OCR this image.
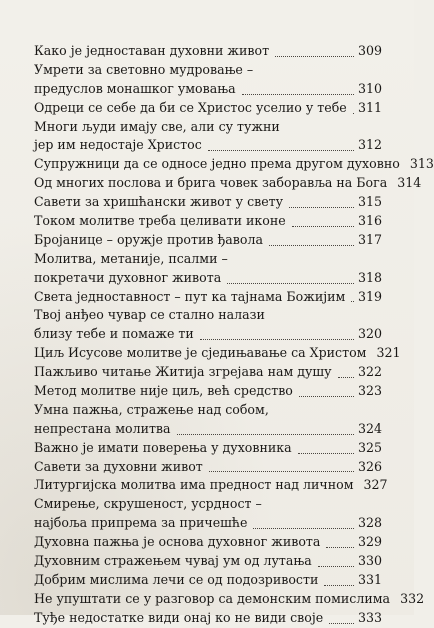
Како је једноставан духовни живот	309
Умрети за световно мудровање –
предуслов монашког умовања	310
Одреци се себе да би се Христос уселио у тебе 311
Многи људи имају све, али су тужни
јер им недостаје Христос	312
Супружници да се односе једно према другом духовно 313
Од многих послова и брига човек заборавља на Бога 314
Савети за хришћански живот у свету	315
Током молитве треба целивати иконе	316
Бројанице – оружје против ђавола	317
Молитва, метаније, псалми –
покретачи духовног живота	318
Света једноставност – пут ка тајнама Божијим 319
Твој анђео чувар се стално налази
близу тебе и помаже ти	320
Циљ Исусове молитве је сједињавање са Христом 321
Пажљиво читање Житија згрејава нам душу 322
Метод молитве није циљ, већ средство	323
Умна пажња, стражење над собом,
непрестана молитва	324
Важно је имати поверења у духовника	325
Савети за духовни живот	326
Литургијска молитва има предност над личном 327
Смирење, скрушеност, усрдност –
најбоља припрема за причешће	328
Духовна пажња је основа духовног живота	329
Духовним стражењем чувај ум од лутања	330
Добрим мислима лечи се од подозривости	331
Не упуштати се у разговор са демонским помислима 332
Туђе недостатке види онај ко не види своје	333
